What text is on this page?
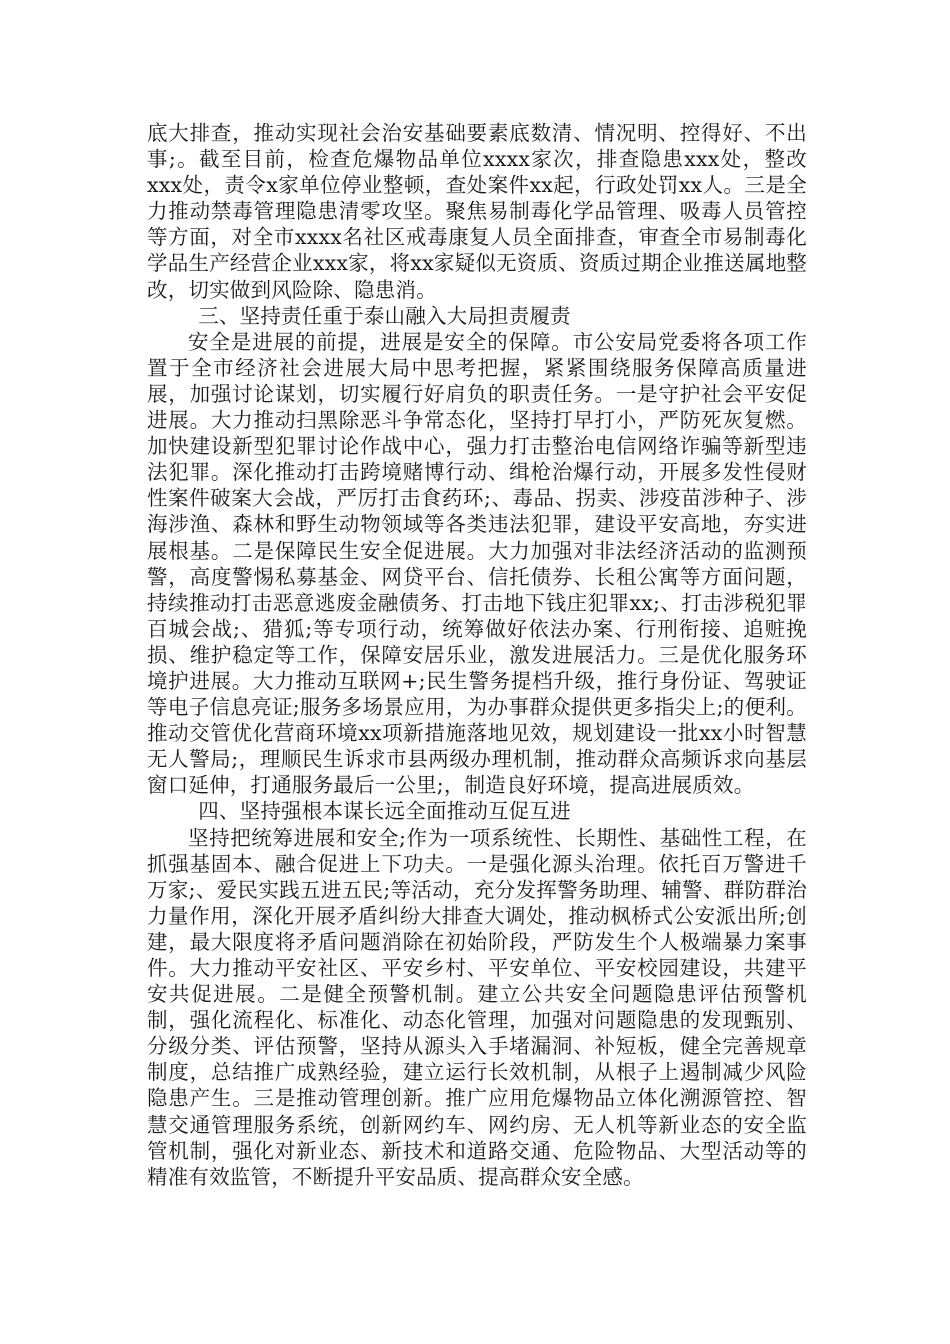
底大排查，推动实现社会治安基础要素底数清、情况明、控得好、不出事;。截至目前，检查危爆物品单位xxxx家次，排查隐患xxx处，整改xxx处，责令x家单位停业整顿，查处案件xx起，行政处罚xx人。三是全力推动禁毒管理隐患清零攻坚。聚焦易制毒化学品管理、吸毒人员管控等方面，对全市xxxx名社区戒毒康复人员全面排查，审查全市易制毒化学品生产经营企业xxx家，将xx家疑似无资质、资质过期企业推送属地整改，切实做到风险除、隐患消。

三、坚持责任重于泰山融入大局担责履责

安全是进展的前提，进展是安全的保障。市公安局党委将各项工作置于全市经济社会进展大局中思考把握，紧紧围绕服务保障高质量进展，加强讨论谋划，切实履行好肩负的职责任务。一是守护社会平安促进展。大力推动扫黑除恶斗争常态化，坚持打早打小，严防死灰复燃。加快建设新型犯罪讨论作战中心，强力打击整治电信网络诈骗等新型违法犯罪。深化推动打击跨境赌博行动、缉枪治爆行动，开展多发性侵财性案件破案大会战，严厉打击食药环;、毒品、拐卖、涉疫苗涉种子、涉海涉渔、森林和野生动物领域等各类违法犯罪，建设平安高地，夯实进展根基。二是保障民生安全促进展。大力加强对非法经济活动的监测预警，高度警惕私募基金、网贷平台、信托债券、长租公寓等方面问题，持续推动打击恶意逃废金融债务、打击地下钱庄犯罪xx;、打击涉税犯罪百城会战;、猎狐;等专项行动，统筹做好依法办案、行刑衔接、追赃挽损、维护稳定等工作，保障安居乐业，激发进展活力。三是优化服务环境护进展。大力推动互联网+;民生警务提档升级，推行身份证、驾驶证等电子信息亮证;服务多场景应用，为办事群众提供更多指尖上;的便利。推动交管优化营商环境xx项新措施落地见效，规划建设一批xx小时智慧无人警局;，理顺民生诉求市县两级办理机制，推动群众高频诉求向基层窗口延伸，打通服务最后一公里;，制造良好环境，提高进展质效。

四、坚持强根本谋长远全面推动互促互进

坚持把统筹进展和安全;作为一项系统性、长期性、基础性工程，在抓强基固本、融合促进上下功夫。一是强化源头治理。依托百万警进千万家;、爱民实践五进五民;等活动，充分发挥警务助理、辅警、群防群治力量作用，深化开展矛盾纠纷大排查大调处，推动枫桥式公安派出所;创建，最大限度将矛盾问题消除在初始阶段，严防发生个人极端暴力案事件。大力推动平安社区、平安乡村、平安单位、平安校园建设，共建平安共促进展。二是健全预警机制。建立公共安全问题隐患评估预警机制，强化流程化、标准化、动态化管理，加强对问题隐患的发现甄别、分级分类、评估预警，坚持从源头入手堵漏洞、补短板，健全完善规章制度，总结推广成熟经验，建立运行长效机制，从根子上遏制减少风险隐患产生。三是推动管理创新。推广应用危爆物品立体化溯源管控、智慧交通管理服务系统，创新网约车、网约房、无人机等新业态的安全监管机制，强化对新业态、新技术和道路交通、危险物品、大型活动等的精准有效监管，不断提升平安品质、提高群众安全感。
